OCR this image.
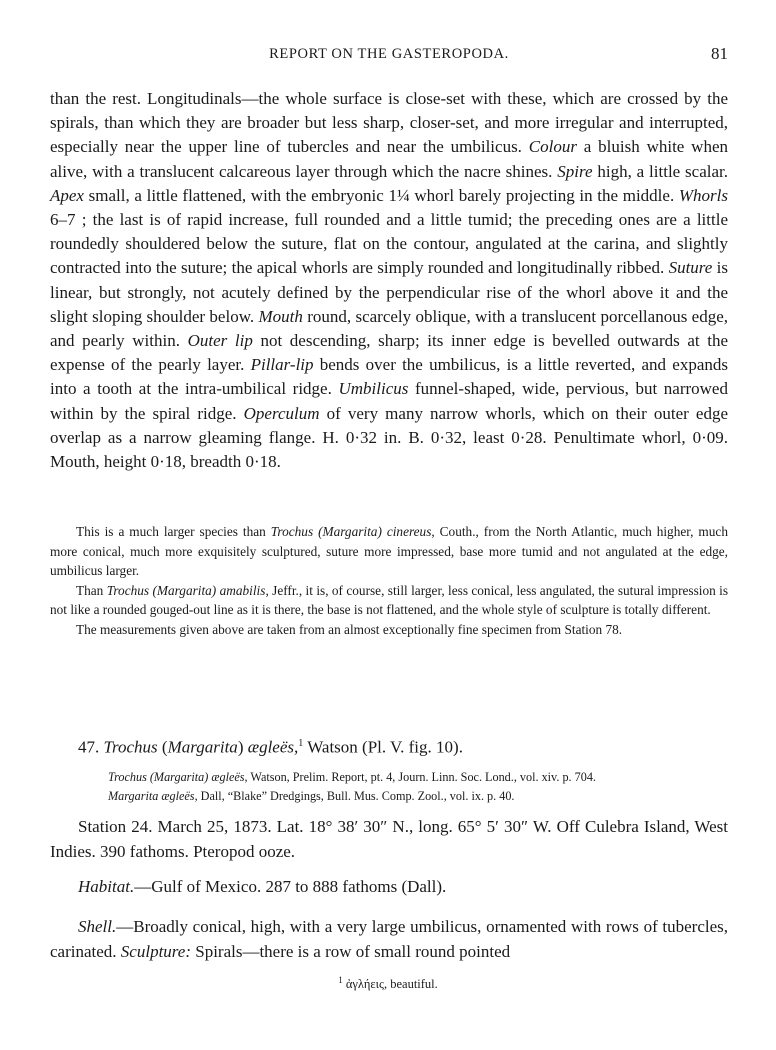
REPORT ON THE GASTEROPODA.	81

than the rest. Longitudinals—the whole surface is close-set with these, which are crossed by the spirals, than which they are broader but less sharp, closer-set, and more irregular and interrupted, especially near the upper line of tubercles and near the umbilicus. Colour a bluish white when alive, with a translucent calcareous layer through which the nacre shines. Spire high, a little scalar. Apex small, a little flattened, with the embryonic 1¼ whorl barely projecting in the middle. Whorls 6–7 ; the last is of rapid increase, full rounded and a little tumid; the preceding ones are a little roundedly shouldered below the suture, flat on the contour, angulated at the carina, and slightly contracted into the suture; the apical whorls are simply rounded and longitudinally ribbed. Suture is linear, but strongly, not acutely defined by the perpendicular rise of the whorl above it and the slight sloping shoulder below. Mouth round, scarcely oblique, with a translucent porcellanous edge, and pearly within. Outer lip not descending, sharp; its inner edge is bevelled outwards at the expense of the pearly layer. Pillar-lip bends over the umbilicus, is a little reverted, and expands into a tooth at the intra-umbilical ridge. Umbilicus funnel-shaped, wide, pervious, but narrowed within by the spiral ridge. Operculum of very many narrow whorls, which on their outer edge overlap as a narrow gleaming flange. H. 0·32 in. B. 0·32, least 0·28. Penultimate whorl, 0·09. Mouth, height 0·18, breadth 0·18.

This is a much larger species than Trochus (Margarita) cinereus, Couth., from the North Atlantic, much higher, much more conical, much more exquisitely sculptured, suture more impressed, base more tumid and not angulated at the edge, umbilicus larger.

Than Trochus (Margarita) amabilis, Jeffr., it is, of course, still larger, less conical, less angulated, the sutural impression is not like a rounded gouged-out line as it is there, the base is not flattened, and the whole style of sculpture is totally different.

The measurements given above are taken from an almost exceptionally fine specimen from Station 78.

47. Trochus (Margarita) ægleës,$^1$ Watson (Pl. V. fig. 10).

Trochus (Margarita) ægleës, Watson, Prelim. Report, pt. 4, Journ. Linn. Soc. Lond., vol. xiv. p. 704.

Margarita ægleës, Dall, “Blake” Dredgings, Bull. Mus. Comp. Zool., vol. ix. p. 40.

Station 24. March 25, 1873. Lat. 18° 38′ 30″ N., long. 65° 5′ 30″ W. Off Culebra Island, West Indies. 390 fathoms. Pteropod ooze.

Habitat.—Gulf of Mexico. 287 to 888 fathoms (Dall).

Shell.—Broadly conical, high, with a very large umbilicus, ornamented with rows of tubercles, carinated. Sculpture: Spirals—there is a row of small round pointed

$^1$ ἀγλήεις, beautiful.
